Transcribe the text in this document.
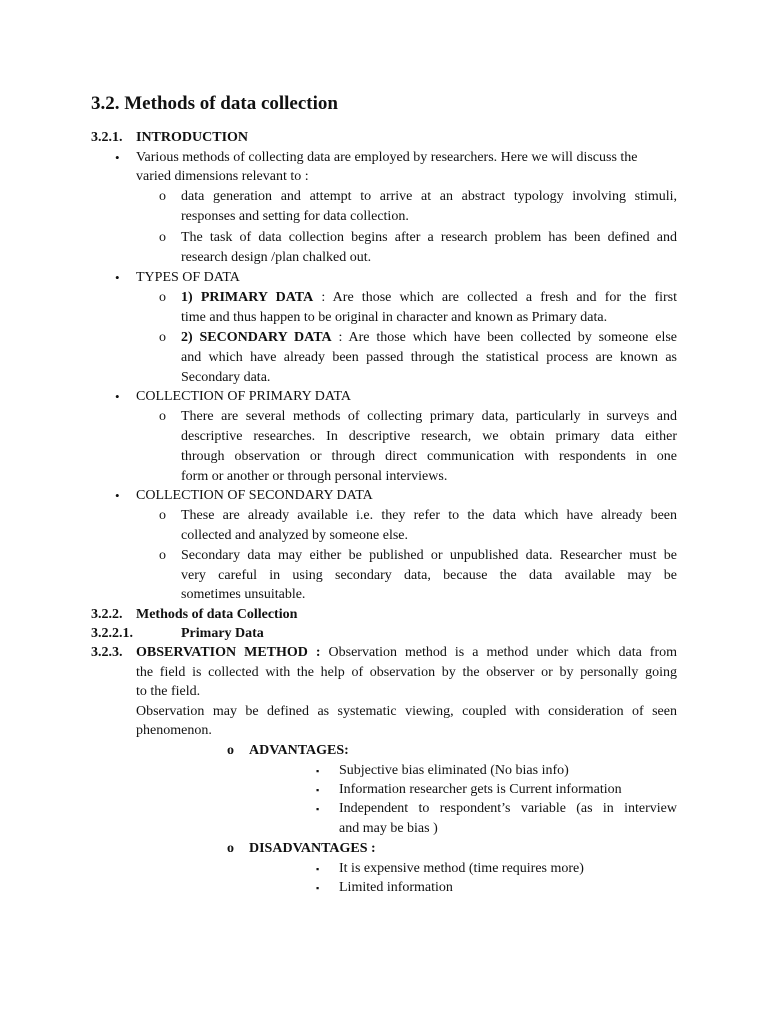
3.2. Methods of data collection
3.2.1. INTRODUCTION
• Various methods of collecting data are employed by researchers. Here we will discuss the
varied dimensions relevant to :
o data generation and attempt to arrive at an abstract typology involving stimuli,
responses and setting for data collection.
o The task of data collection begins after a research problem has been defined and
research design /plan chalked out.
• TYPES OF DATA
o 1) PRIMARY DATA : Are those which are collected a fresh and for the first
time and thus happen to be original in character and known as Primary data.
o 2) SECONDARY DATA : Are those which have been collected by someone else
and which have already been passed through the statistical process are known as
Secondary data.
• COLLECTION OF PRIMARY DATA
o There are several methods of collecting primary data, particularly in surveys and
descriptive researches. In descriptive research, we obtain primary data either
through observation or through direct communication with respondents in one
form or another or through personal interviews.
• COLLECTION OF SECONDARY DATA
o These are already available i.e. they refer to the data which have already been
collected and analyzed by someone else.
o Secondary data may either be published or unpublished data. Researcher must be
very careful in using secondary data, because the data available may be
sometimes unsuitable.
3.2.2. Methods of data Collection
3.2.2.1.	Primary Data
3.2.3. OBSERVATION METHOD : Observation method is a method under which data from
the field is collected with the help of observation by the observer or by personally going
to the field.
Observation may be defined as systematic viewing, coupled with consideration of seen
phenomenon.
o ADVANTAGES:
▪ Subjective bias eliminated (No bias info)
▪ Information researcher gets is Current information
▪ Independent to respondent’s variable (as in interview
and may be bias )
o DISADVANTAGES :
▪ It is expensive method (time requires more)
▪ Limited information
